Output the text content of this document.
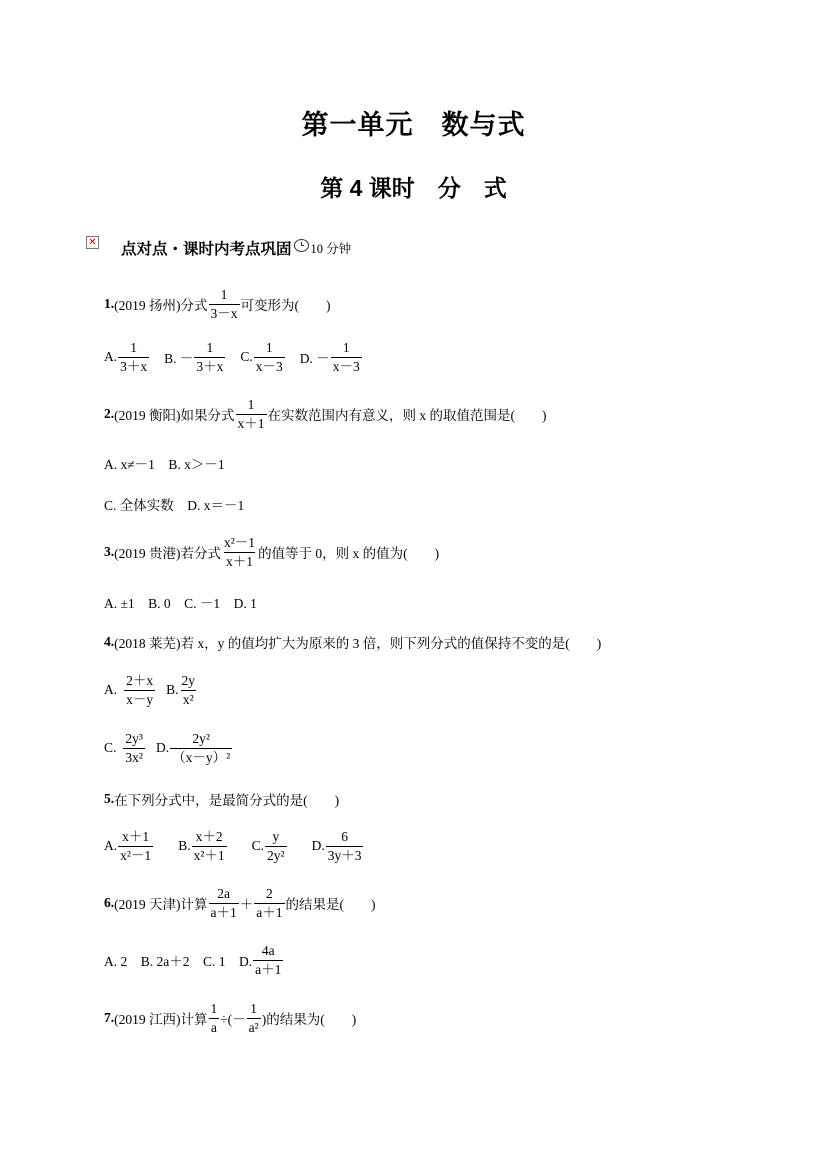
第一单元　数与式
第 4 课时　分　式
✕ 点对点・课时内考点巩固 10 分钟
1. (2019 扬州)分式 $\frac{1}{3-x}$ 可变形为(　　)
A. $\frac{1}{3+x} B$. － $\frac{1}{3+x} C$. $\frac{1}{x-3} D$. － $\frac{1}{x-3}$
2. (2019 衡阳)如果分式 $\frac{1}{x+1}$ 在实数范围内有意义，则 x 的取值范围是(　　)
A. x≠－1　B. x＞－1
C. 全体实数　D. x＝－1
3. (2019 贵港)若分式 $\frac{\text{x²－1}}{x+1}$ 的值等于 0，则 x 的值为(　　)
A. ±1　B. 0　C. －1　D. 1
4. (2018 莱芜)若 x，y 的值均扩大为原来的 3 倍，则下列分式的值保持不变的是(　　)
A. $\frac{2+x}{x-y} B$. $\frac{2y}{\text{x²}}$
C. $\frac{\text{2y³}}{\text{3x²}} D$. $\frac{\text{2y²}}{\text{（x－y）²}}$
5. 在下列分式中，是最简分式的是(　　)
A. $\frac{x+1}{\text{x²－1}} B$. $\frac{x+2}{\text{x²＋1}} C$. $\frac{y}{\text{2y²}} D$. $\frac{6}{3y+3}$
6. (2019 天津)计算 $\frac{2a}{a+1} + \frac{2}{a+1}$ 的结果是(　　)
A. 2　B. 2a＋2　C. 1　D. $\frac{4a}{a+1}$
7. (2019 江西)计算 $\frac{1}{a}$ ÷(－ $\frac{1}{\text{a²}}$ )的结果为(　　)
